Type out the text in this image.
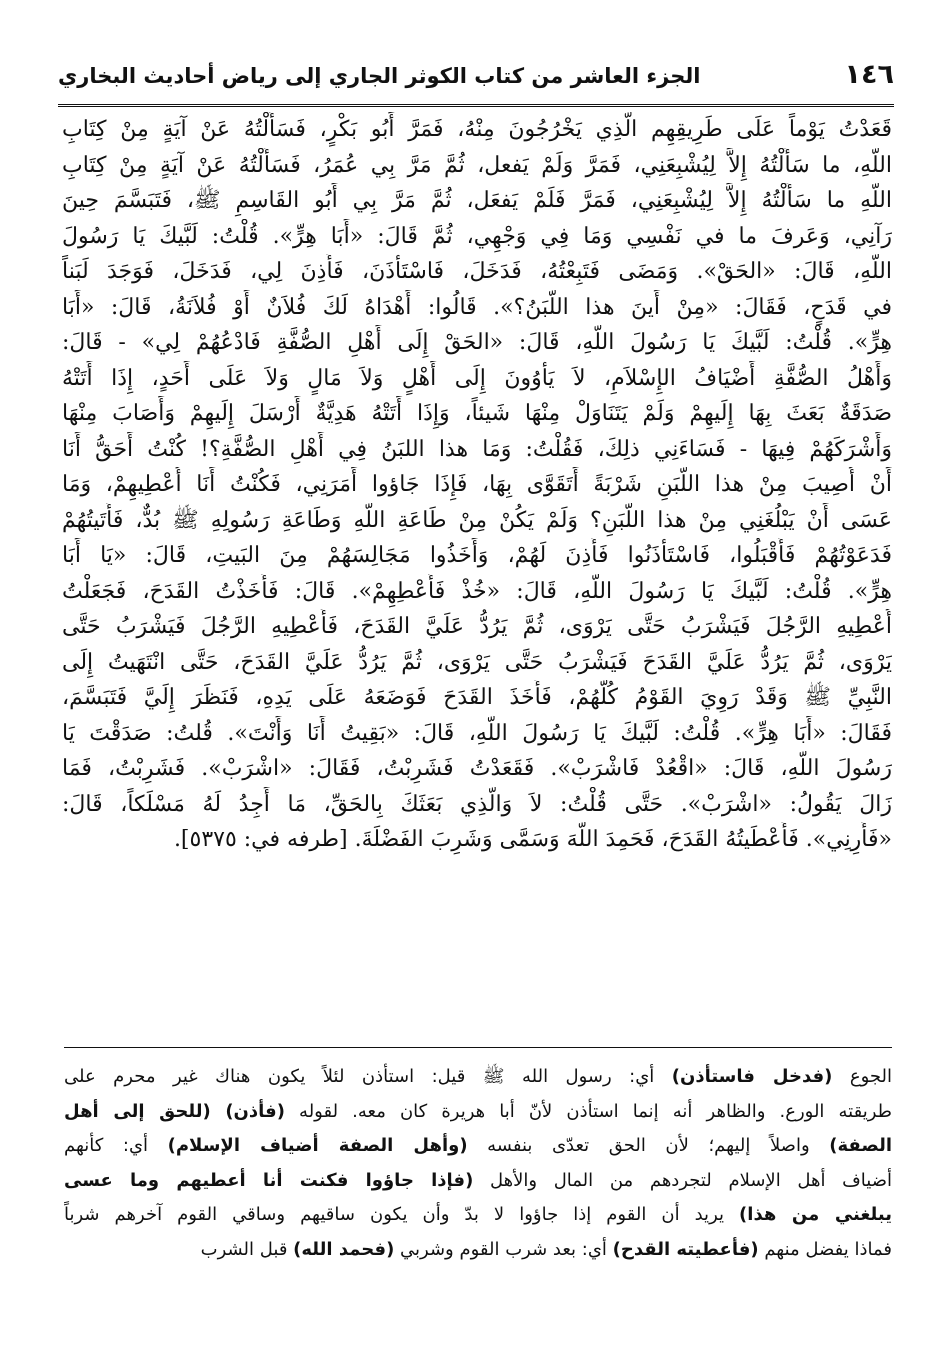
١٤٦
الجزء العاشر من كتاب الكوثر الجاري إلى رياض أحاديث البخاري
قَعَدْتُ يَوْماً عَلَى طَرِيقِهِم الَّذِي يَخْرُجُونَ مِنْهُ، فَمَرَّ أَبُو بَكْرٍ، فَسَأَلْتُهُ عَنْ آيَةٍ مِنْ كِتَابِ
اللّهِ، ما سَأَلْتُهُ إِلاَّ لِيُشْبِعَنِي، فَمَرَّ وَلَمْ يَفعل، ثُمَّ مَرَّ بِي عُمَرُ، فَسَأَلْتُهُ عَنْ آيَةٍ مِنْ كِتَابِ
اللّهِ ما سَأَلْتُهُ إِلاَّ لِيُشْبِعَنِي، فَمَرَّ فَلَمْ يَفعَل، ثُمَّ مَرَّ بِي أَبُو القَاسِمِ ﷺ، فَتَبَسَّمَ حِينَ
رَآنِي، وَعَرفَ ما في نَفْسِي وَمَا فِي وَجْهِي، ثُمَّ قَالَ: «أَبَا هِرٍّ». قُلْتُ: لَبَّيكَ يَا رَسُولَ
اللّهِ، قَالَ: «الحَقْ». وَمَضَى فَتَبِعْتُهُ، فَدَخَلَ، فَاسْتَأْذَنَ، فَأَذِنَ لِي، فَدَخَلَ، فَوَجَدَ لَبَناً
في قَدَحٍ، فَقَالَ: «مِنْ أَينَ هذا اللَّبَنُ؟». قَالُوا: أَهْدَاهُ لَكَ فُلاَنٌ أَوْ فُلاَنَةُ، قَالَ: «أَبَا
هِرٍّ». قُلْتُ: لَبَّيكَ يَا رَسُولَ اللّهِ، قَالَ: «الحَقْ إِلَى أَهْلِ الصُّفَّةِ فَادْعُهُمْ لِي» - قَالَ:
وَأَهْلُ الصُّفَّةِ أَضْيَافُ الإِسْلاَمِ، لاَ يَأْوُونَ إِلَى أَهْلٍ وَلاَ مَالٍ وَلاَ عَلَى أَحَدٍ، إِذَا أَتَتْهُ
صَدَقَةٌ بَعَثَ بِهَا إِلَيهِمْ وَلَمْ يَتَنَاوَلْ مِنْهَا شَيئاً، وَإِذَا أَتَتْهُ هَدِيَّةٌ أَرْسَلَ إِلَيهِمْ وَأَصَابَ مِنْهَا
وَأَشْرَكَهُمْ فِيهَا - فَسَاءَنِي ذلِكَ، فَقُلْتُ: وَمَا هذا اللبَنُ فِي أَهْلِ الصُّفَّةِ؟! كُنْتُ أَحَقُّ أَنَا
أَنْ أُصِيبَ مِنْ هذا اللَّبَنِ شَرْبَةً أَتَقَوَّى بِهَا، فَإِذَا جَاؤوا أَمَرَنِي، فَكُنْتُ أَنَا أُعْطِيهِمْ، وَمَا
عَسَى أَنْ يَبْلُغَنِي مِنْ هذا اللَّبَنِ؟ وَلَمْ يَكُنْ مِنْ طَاعَةِ اللّهِ وَطَاعَةِ رَسُولِهِ ﷺ بُدٌّ، فَأَتَيتُهُمْ
فَدَعَوْتُهُمْ فَأَقْبَلُوا، فَاسْتَأْذَنُوا فَأَذِنَ لَهُمْ، وَأَخَذُوا مَجَالِسَهُمْ مِنَ البَيتِ، قَالَ: «يَا أَبَا
هِرٍّ». قُلْتُ: لَبَّيكَ يَا رَسُولَ اللّهِ، قَالَ: «خُذْ فَأَعْطِهِمْ». قَالَ: فَأَخَذْتُ القَدَحَ، فَجَعَلْتُ
أُعْطِيهِ الرَّجُلَ فَيَشْرَبُ حَتَّى يَرْوَى، ثُمَّ يَرُدُّ عَلَيَّ القَدَحَ، فَأُعْطِيهِ الرَّجُلَ فَيَشْرَبُ حَتَّى
يَرْوَى، ثُمَّ يَرُدُّ عَلَيَّ القَدَحَ فَيَشْرَبُ حَتَّى يَرْوَى، ثُمَّ يَرُدُّ عَلَيَّ القَدَحَ، حَتَّى انْتَهَيتُ إِلَى
النَّبِيِّ ﷺ وَقَدْ رَوِيَ القَوْمُ كُلُّهُمْ، فَأَخَذَ القَدَحَ فَوَضَعَهُ عَلَى يَدِهِ، فَنَظَرَ إِلَيَّ فَتَبَسَّمَ،
فَقَالَ: «أَبَا هِرٍّ». قُلْتُ: لَبَّيكَ يَا رَسُولَ اللّهِ، قَالَ: «بَقِيتُ أَنَا وَأَنْتَ». قُلتُ: صَدَقْتَ يَا
رَسُولَ اللّهِ، قَالَ: «اقْعُدْ فَاشْرَبْ». فَقَعَدْتُ فَشَرِبْتُ، فَقَالَ: «اشْرَبْ». فَشَرِبْتُ، فَمَا
زَالَ يَقُولُ: «اشْرَبْ». حَتَّى قُلْتُ: لاَ وَالَّذِي بَعَثَكَ بِالحَقِّ، مَا أَجِدُ لَهُ مَسْلَكاً، قَالَ:
«فَأَرِنِي». فَأَعْطَيتُهُ القَدَحَ، فَحَمِدَ اللّهَ وَسَمَّى وَشَرِبَ الفَضْلَةَ. [طرفه في: ٥٣٧٥].
الجوع (فدخل فاستأذن) أي: رسول الله ﷺ قيل: استأذن لئلاً يكون هناك غير محرم على
طريقته الورع. والظاهر أنه إنما استأذن لأنّ أبا هريرة كان معه. لقوله (فأذن) (للحق إلى أهل
الصفة) واصلاً إليهم؛ لأن الحق تعدّى بنفسه (وأهل الصفة أضياف الإسلام) أي: كأنهم
أضياف أهل الإسلام لتجردهم من المال والأهل (فإذا جاؤوا فكنت أنا أعطيهم وما عسى
يبلغني من هذا) يريد أن القوم إذا جاؤوا لا بدّ وأن يكون ساقيهم وساقي القوم آخرهم شرباً
فماذا يفضل منهم (فأعطيته القدح) أي: بعد شرب القوم وشربي (فحمد الله) قبل الشرب
